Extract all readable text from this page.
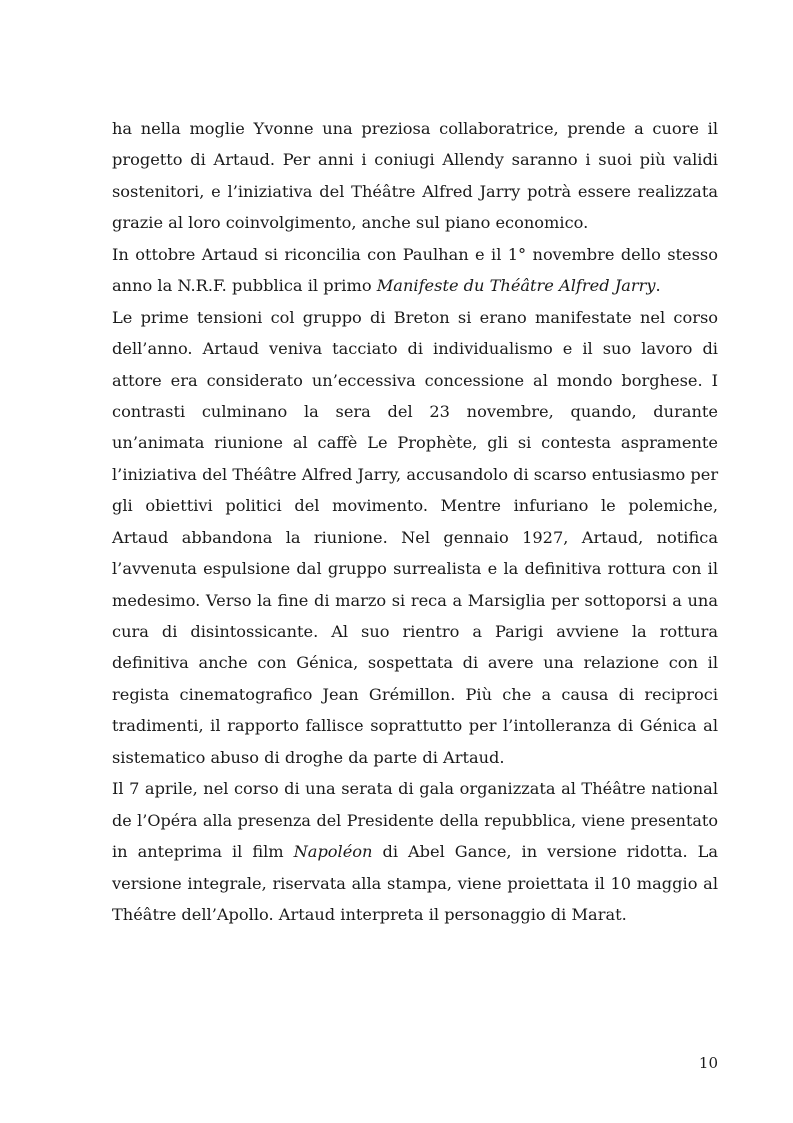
ha nella moglie Yvonne una preziosa collaboratrice, prende a cuore il
progetto di Artaud. Per anni i coniugi Allendy saranno i suoi più validi
sostenitori, e l’iniziativa del Théâtre Alfred Jarry potrà essere realizzata
grazie al loro coinvolgimento, anche sul piano economico.
In ottobre Artaud si riconcilia con Paulhan e il 1° novembre dello stesso
anno la N.R.F. pubblica il primo Manifeste du Théâtre Alfred Jarry.
Le prime tensioni col gruppo di Breton si erano manifestate nel corso
dell’anno. Artaud veniva tacciato di individualismo e il suo lavoro di
attore era considerato un’eccessiva concessione al mondo borghese. I
contrasti culminano la sera del 23 novembre, quando, durante
un’animata riunione al caffè Le Prophète, gli si contesta aspramente
l’iniziativa del Théâtre Alfred Jarry, accusandolo di scarso entusiasmo per
gli obiettivi politici del movimento. Mentre infuriano le polemiche,
Artaud abbandona la riunione. Nel gennaio 1927, Artaud, notifica
l’avvenuta espulsione dal gruppo surrealista e la definitiva rottura con il
medesimo. Verso la fine di marzo si reca a Marsiglia per sottoporsi a una
cura di disintossicante. Al suo rientro a Parigi avviene la rottura
definitiva anche con Génica, sospettata di avere una relazione con il
regista cinematografico Jean Grémillon. Più che a causa di reciproci
tradimenti, il rapporto fallisce soprattutto per l’intolleranza di Génica al
sistematico abuso di droghe da parte di Artaud.
Il 7 aprile, nel corso di una serata di gala organizzata al Théâtre national
de l’Opéra alla presenza del Presidente della repubblica, viene presentato
in anteprima il film Napoléon di Abel Gance, in versione ridotta. La
versione integrale, riservata alla stampa, viene proiettata il 10 maggio al
Théâtre dell’Apollo. Artaud interpreta il personaggio di Marat.
10
